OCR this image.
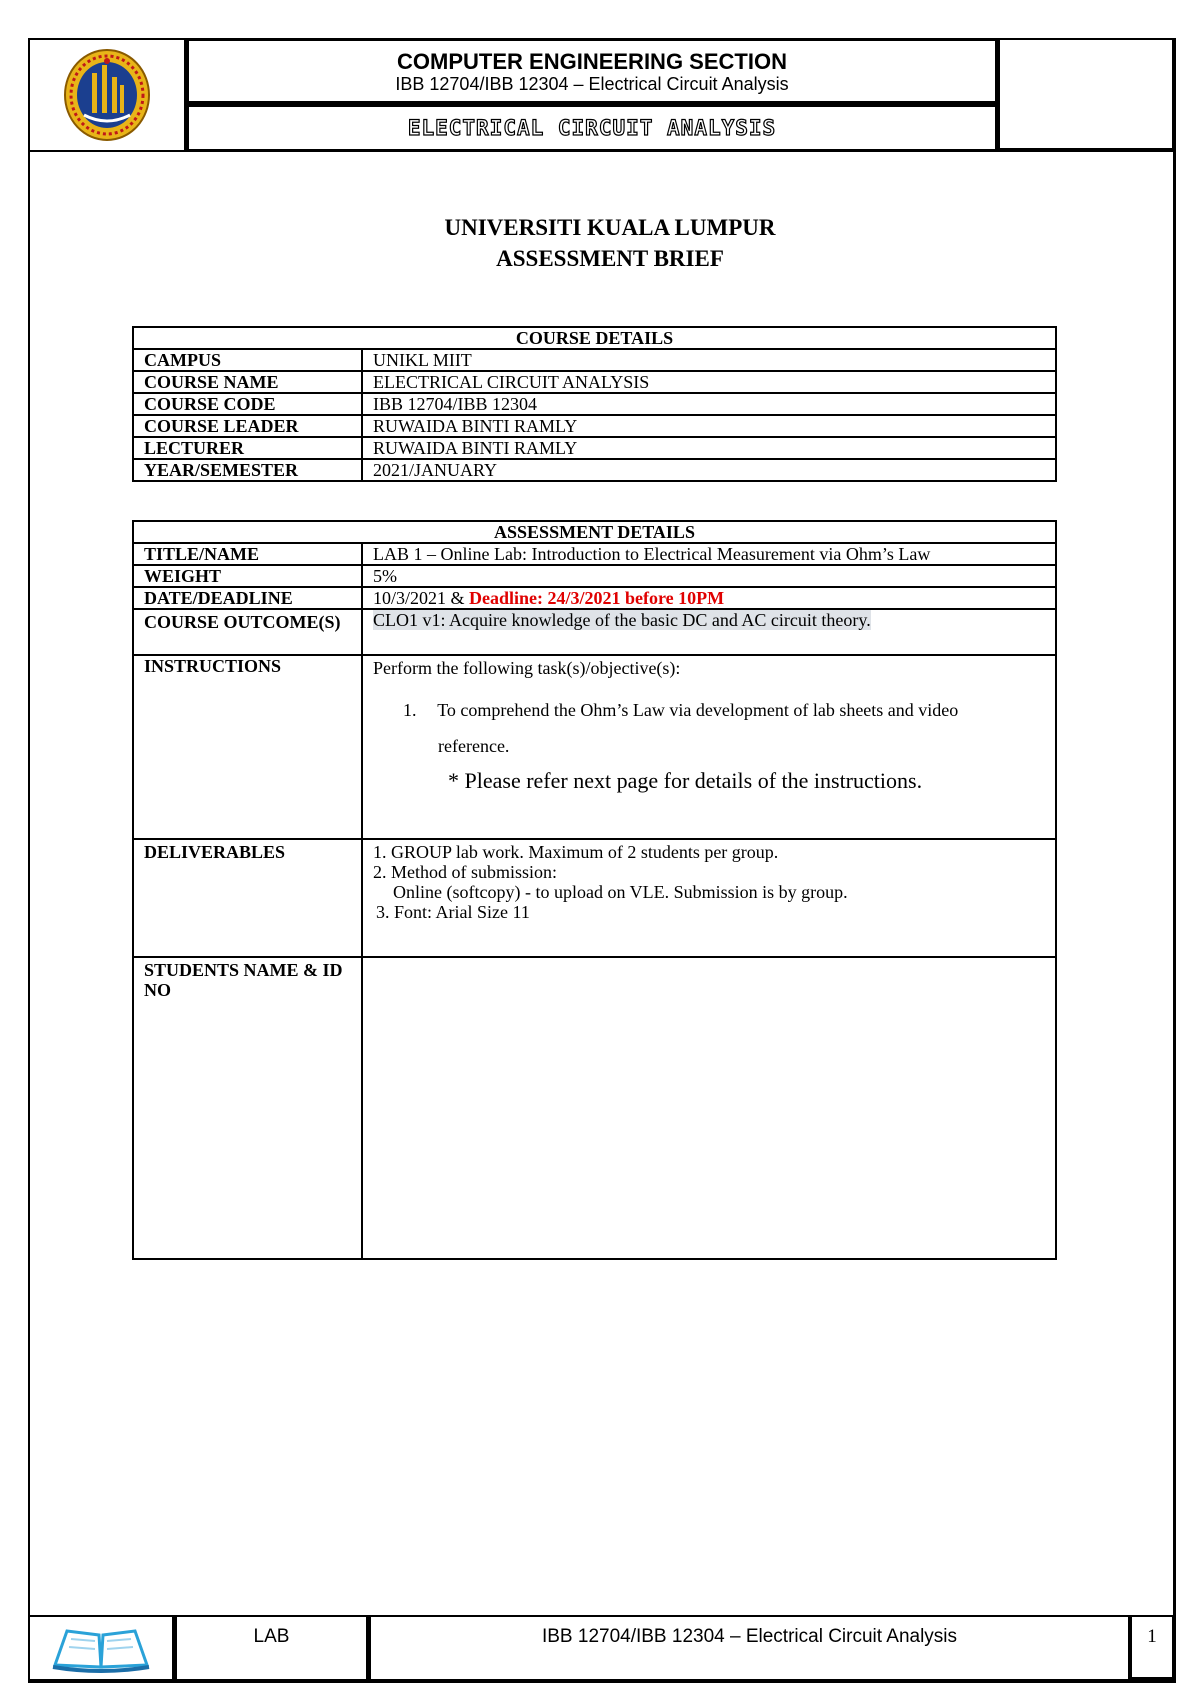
COMPUTER ENGINEERING SECTION
IBB 12704/IBB 12304 – Electrical Circuit Analysis
ELECTRICAL CIRCUIT ANALYSIS
UNIVERSITI KUALA LUMPUR
ASSESSMENT BRIEF
COURSE DETAILS	
CAMPUS	UNIKL MIIT
COURSE NAME	ELECTRICAL CIRCUIT ANALYSIS
COURSE CODE	IBB 12704/IBB 12304
COURSE LEADER	RUWAIDA BINTI RAMLY
LECTURER	RUWAIDA BINTI RAMLY
YEAR/SEMESTER	2021/JANUARY
ASSESSMENT DETAILS	
TITLE/NAME	LAB 1 – Online Lab: Introduction to Electrical Measurement via Ohm’s Law
WEIGHT	5%
DATE/DEADLINE	10/3/2021 & Deadline: 24/3/2021 before 10PM
COURSE OUTCOME(S)	CLO1 v1: Acquire knowledge of the basic DC and AC circuit theory.
INSTRUCTIONS	Perform the following task(s)/objective(s):
1. To comprehend the Ohm’s Law via development of lab sheets and video
reference.
* Please refer next page for details of the instructions.

DELIVERABLES	1. GROUP lab work. Maximum of 2 students per group.
2. Method of submission:
Online (softcopy) - to upload on VLE. Submission is by group.
3. Font: Arial Size 11

STUDENTS NAME & ID NO	
LAB	IBB 12704/IBB 12304 – Electrical Circuit Analysis	1
